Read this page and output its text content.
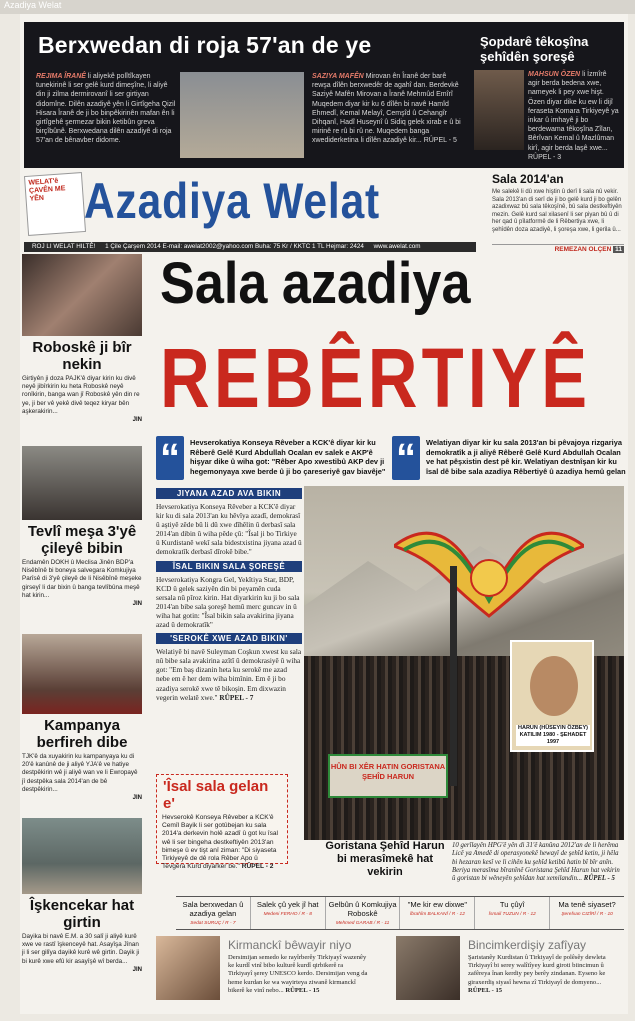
Azadiya Welat
Berxwedan di roja 57'an de ye
REJIMA ÎRANÊ li aliyekê polîtîkayen tunekirinê li ser gelê kurd dimeşîne, li aliyê din ji zilma dermirovanî li ser girtiyan didomîne. Dilên azadiyê yên li Girtîgeha Qizil Hisara Îranê de ji bo binpêkirinên mafan ên li girtîgehê şermezar bikin ketibûn greva birçîbûnê. Berxwedana dilên azadiyê di roja 57'an de bênavber didome.
SAZIYA MAFÊN Mirovan ên Îranê der barê rewşa dîlên berxwedêr de agahî dan. Berdevkê Saziyê Mafên Mirovan a Îranê Mehmûd Emîrî Muqedem diyar kir ku 6 dîlên bi navê Hamîd Ehmedî, Kemal Melayî, Cemşîd û Cehangîr Dihqanî, Hadî Huseynî û Sidiq gelek xirab e û bi mirinê re rû bi rû ne. Muqedem banga xwediderketina li dîlên azadiyê kir... RÛPEL - 5
Şopdarê têkoşîna şehîdên şoreşê
MAHSUN ÖZEN li İzmîrê agir berda bedena xwe, nameyek li pey xwe hişt. Özen diyar dike ku ew li dijî feraseta Komara Tirkiyeyê ya inkar û imhayê ji bo berdewama têkoşîna Zîlan, Bêrîvan Kemal û Mazlûman kirî, agir berda laşê xwe... RÛPEL - 3
WELAT'ê ÇAVÊN ME YÊN Azadiya Welat
ROJ LI WELAT HILTÊ! 1 Çile Çarşem 2014 E-mail: awelat2002@yahoo.com Buha: 75 Kr / KKTC 1 TL Hejmar: 2424 www.awelat.com
Sala 2014'an

Me salekê li dû xwe hiştin û derî li sala nû vekir. Sala 2013'an di serî de ji bo gelê kurd ji bo gelên azadixwaz bû sala têkoşînê, bû sala destkeftiyên mezin. Gelê kurd sal xilasenî li ser piyan bû û di her qad û pîlatformê de li Rêbertiya xwe, li şehîdên doza azadiyê, li şoreşa xwe, li gerila û...

REMEZAN OLÇEN 11
Roboskê ji bîr nekin
Girtiyên ji doza PAJK'ê diyar kirin ku divê neyê jibîrkirin ku heta Roboskê neyê ronîkirin, banga wan jî Roboskê yên din re ye, ji ber vê yekê divê teqez kiryar bên aşkerakirin...
JIN
Tevlî meşa 3'yê çileyê bibin
Endamên DOKH û Meclisa Jinên BDP'a Nisêbînê bi boneya salvegara Komkujiya Parîsê di 3'yê çileyê de li Nisêbînê meşeke girseyî li dar bixin û banga tevlîbûna meşê hat kirin...
JIN
Kampanya berfireh dibe
TJK'ê da xuyakirin ku kampanyaya ku di 20'ê kanûnê de ji aliyê YJA'ê ve hatiye destpêkirin wê ji aliyê wan ve li Ewropayê jî destpêka sala 2014'an de bê destpêkirin...
JIN
Îşkencekar hat girtin
Dayika bi navê E.M. a 30 salî ji aliyê kurê xwe ve rastî îşkenceyê hat. Asayîşa Jînan ji li ser gilîya dayikê kurê wê girtin. Dayik ji bi kurê xwe efû kir asayîşê wî berda...
JIN
Sala azadiya
REBÊRTIYÊ
“	Hevserokatiya Konseya Rêveber a KCK'ê diyar kir ku Rêberê Gelê Kurd Abdullah Ocalan ev salek e AKP'ê hişyar dike û wiha got: "Rêber Apo xwestibû AKP dev ji hegemonyaya xwe berde û ji bo çareseriyê gav biavêje" “	Welatiyan diyar kir ku sala 2013'an bi pêvajoya rizgariya demokratîk a ji aliyê Rêberê Gelê Kurd Abdullah Ocalan ve hat pêşxistin dest pê kir. Welatiyan destnîşan kir ku îsal dê bibe sala azadiya Rêbertiyê û azadiya hemû gelan
JIYANA AZAD AVA BIKIN
Hevserokatiya Konseya Rêveber a KCK'ê diyar kir ku di sala 2013'an ku hêvîya azadî, demokrasî û aştiyê zêde bû li dû xwe dîhêlin û derbasî sala 2014'an dibin û wiha pêde çû: "Îsal ji bo Tirkiye û Kurdistanê wekî sala bidestxistina jiyana azad û demokratîk derbasî dîrokê bibe."
ÎSAL BIKIN SALA ŞOREŞÊ
Hevserokatiya Kongra Gel, Yekîtiya Star, BDP, KCD û gelek saziyên din bi peyamên cuda sersala nû pîroz kirin. Hat diyarkirin ku ji bo sala 2014'an bibe sala şoreşê hemû merc guncav in û wiha hat gotin: "Îsal bikin sala avakirina jiyana azad û demokratîk"
'SEROKÊ XWE AZAD BIKIN'
Welatiyê bi navê Suleyman Coşkun xwest ku sala nû bibe sala avakirina azîtî û demokrasiyê û wiha got: "Em baş dizanin heta ku serokê me azad nebe em ê her dem wiha bimînin. Em ê ji bo azadiya serokê xwe tê bikoşin. Em dixwazin vegerin welatê xwe." RÛPEL - 7
'Îsal sala gelan e'

Hevserokê Konseya Rêveber a KCK'ê Cemîl Bayik li ser gotûbejan ku sala 2014'a derkevin holê azadî û got ku îsal wê li ser bingeha destkeftiyên 2013'an bimeşe û ev tişt anî ziman: "Di siyaseta Tirkiyeyê de dê rola Rêber Apo û Tevgera Kurd diyarker be." RÛPEL - 2

HARUN (HÜSEYIN ÖZBEY) KATILIM 1980 - ŞEHADET 1997
HÛN BI XÊR HATIN GORISTANA ŞEHÎD HARUN
Goristana Şehîd Harun bi merasîmekê hat vekirin
10 gerîlayên HPG'ê yên di 31'ê kanûna 2012'an de li herêma Licê ya Amedê di operasyonekê hewayî de şehîd ketin, ji hêla bi hezaran kesî ve li cihên ku şehîd ketibû hatin bî bîr anîn. Beriya merasîma bîranînê Goristana Şehîd Harun hat vekirin û goristan bi wêneyên şehîdan hat xemilandin... RÛPEL - 5
Sala berxwedan û azadiya gelan
Sedat SURUÇ / R - 7
Salek çû yek jî hat
Medeni FERHO / R - 8
Gelbûn û Komkujiya Roboskê
Mehmed GARAB / R - 11
"Me kir ew dixwe"
Îbrahîm BALKANÎ / R - 12
Tu çûyî
Îsmail TUZUN / R - 12
Ma tenê siyaset?
Şerefxan CIZÎRÎ / R - 10
Kirmanckî bêwayir niyo
Dersimijan semedo ke rayîrberêy Tirkiyayî wazenêy ke kurdî vinî bibo kulturê kurdî qirbikerê ra Tirkiyayî şerey UNESCO kerdo. Dersimijan veng da heme kurdan ke wa wayirteya ziwanê kirmanckî bikerê ke vinî nebo... RÛPEL - 15
Bincimkerdişiy zafîyay
Şaristanêy Kurdistan û Tirkiyayî de polêsêy dewleta Tirkiyayî bi serey walîtîyey kurd giroti biincimun û zafêreya înan kerdiy pey berêy zindanan. Eyseno ke giraxerdiş siyasî hewna zî Tirkiyayî de domyeno... RÛPEL - 15
